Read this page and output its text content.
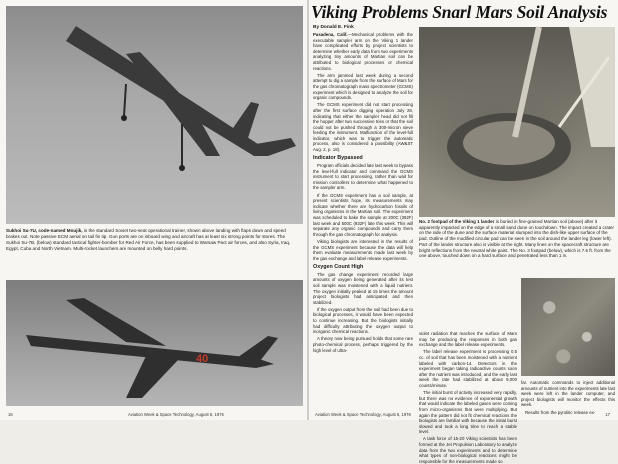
Sukhoi Su-7U, code-named Moujik, is the standard Soviet two-seat operational trainer, shown above landing with flaps down and speed brakes out. Note passive ECM aerial on tail fin tip. Gun ports are on inboard wing and aircraft has at least six strong points for stores. The Sukhoi Su-7B, (below) standard tactical fighter-bomber for Red Air Force, has been supplied to Warsaw Pact air forces, and also Syria, Iraq, Egypt, Cuba and North Vietnam. Multi-rocket launchers are mounted on belly hard points.
40
16	Aviation Week & Space Technology, August 6, 1976
Viking Problems Snarl Mars Soil Analysis
By Donald E. Fink

Pasadena, Calif.—Mechanical problems with the executable sampler arm on the Viking 1 lander have complicated efforts by project scientists to determine whether early data from two experiments analyzing tiny amounts of Martian soil can be attributed to biological processes or chemical reactions.

The arm jammed last week during a second attempt to dig a sample from the surface of Mars for the gas chromatograph mass spectrometer (GCMS) experiment which is designed to analyze the soil for organic compounds.

The GCMS experiment did not start processing after the first surface digging operation July 28, indicating that either the sampler head did not fill the hopper after two successive tries or that the soil could not be pushed through a 300-micron sieve feeding the instrument. Malfunction of the level-full indicator, which was to trigger the automatic process, also is considered a possibility (AW&ST Aug. 2, p. 18).

Indicator Bypassed

Program officials decided late last week to bypass the level-full indicator and command the GCMS instrument to start processing, rather than wait for mission controllers to determine what happened to the sampler arm.

If the GCMS experiment has a soil sample, at present scientists hope, its measurements may indicate whether there are hydrocarbon fossils of living organisms in the Martian soil. The experiment was scheduled to bake the sample at 200C (392F) last week and 500C (932F) late this week. This will separate any organic compounds and carry them through the gas chromatograph for analysis.

Viking biologists are interested in the results of the GCMS experiment because the data will help them evaluate measurements made last week by the gas exchange and label release experiments.

Oxygen Count High

The gas change experiment recorded large amounts of oxygen being generated after its test soil sample was moistened with a liquid nutrient. The oxygen initially peaked at 15 times the amount project biologists had anticipated and then stabilized.

If the oxygen output from the soil had been due to biological processes, it would have been expected to continue increasing. But the biologists initially had difficulty attributing the oxygen output to inorganic chemical reactions.

A theory now being pursued holds that some rare photo-chemical process, perhaps triggered by the high level of ultra-

No. 2 footpad of the Viking 1 lander is buried in fine-grained Martian soil (above) after it apparently impacted on the edge of a small sand dune on touchdown. The impact created a crater on the side of the dune and the surface material slumped into the dish-like upper surface of the pad. Outline of the modified circular pad can be seen in the soil around the lander leg (lower left). Part of the lander structure also is visible at the right. Many lines on the spacecraft structure are bright reflections from the neutral white paint. The No. 3 footpad (below), which is 7.6 ft. from the one above, touched down on a hard surface and penetrated less than 1 in.

violet radiation that reaches the surface of Mars may be producing the responses in both gas exchange and the label release experiments.

The label release experiment is processing 0.5 cc. of soil that has been moistened with a nutrient labeled with carbon-14. Detectors in the experiment began taking radioactive counts soon after the nutrient was introduced, and the early last week the rate had stabilized at about 9,000 counts/minute.

The initial burst of activity increased very rapidly, but there was no evidence of exponential growth that would indicate the labeled gases were coming from micro-organisms that were multiplying. But again the pattern did not fit chemical reactions the biologists are familiar with because the initial burst slowed and took a long time to reach a stable level.

A task force of 15-20 Viking scientists has been formed at the Jet Propulsion Laboratory to analyze data from the two experiments and to determine what types of non-biological reactions might be responsible for the measurements made so

far. Automatic commands to inject additional amounts of nutrient into the experiments late last week were left in the lander computer, and project biologists will monitor the effects this week.

Results from the pyrolitic release ex-

Aviation Week & Space Technology, August 6, 1976	17
